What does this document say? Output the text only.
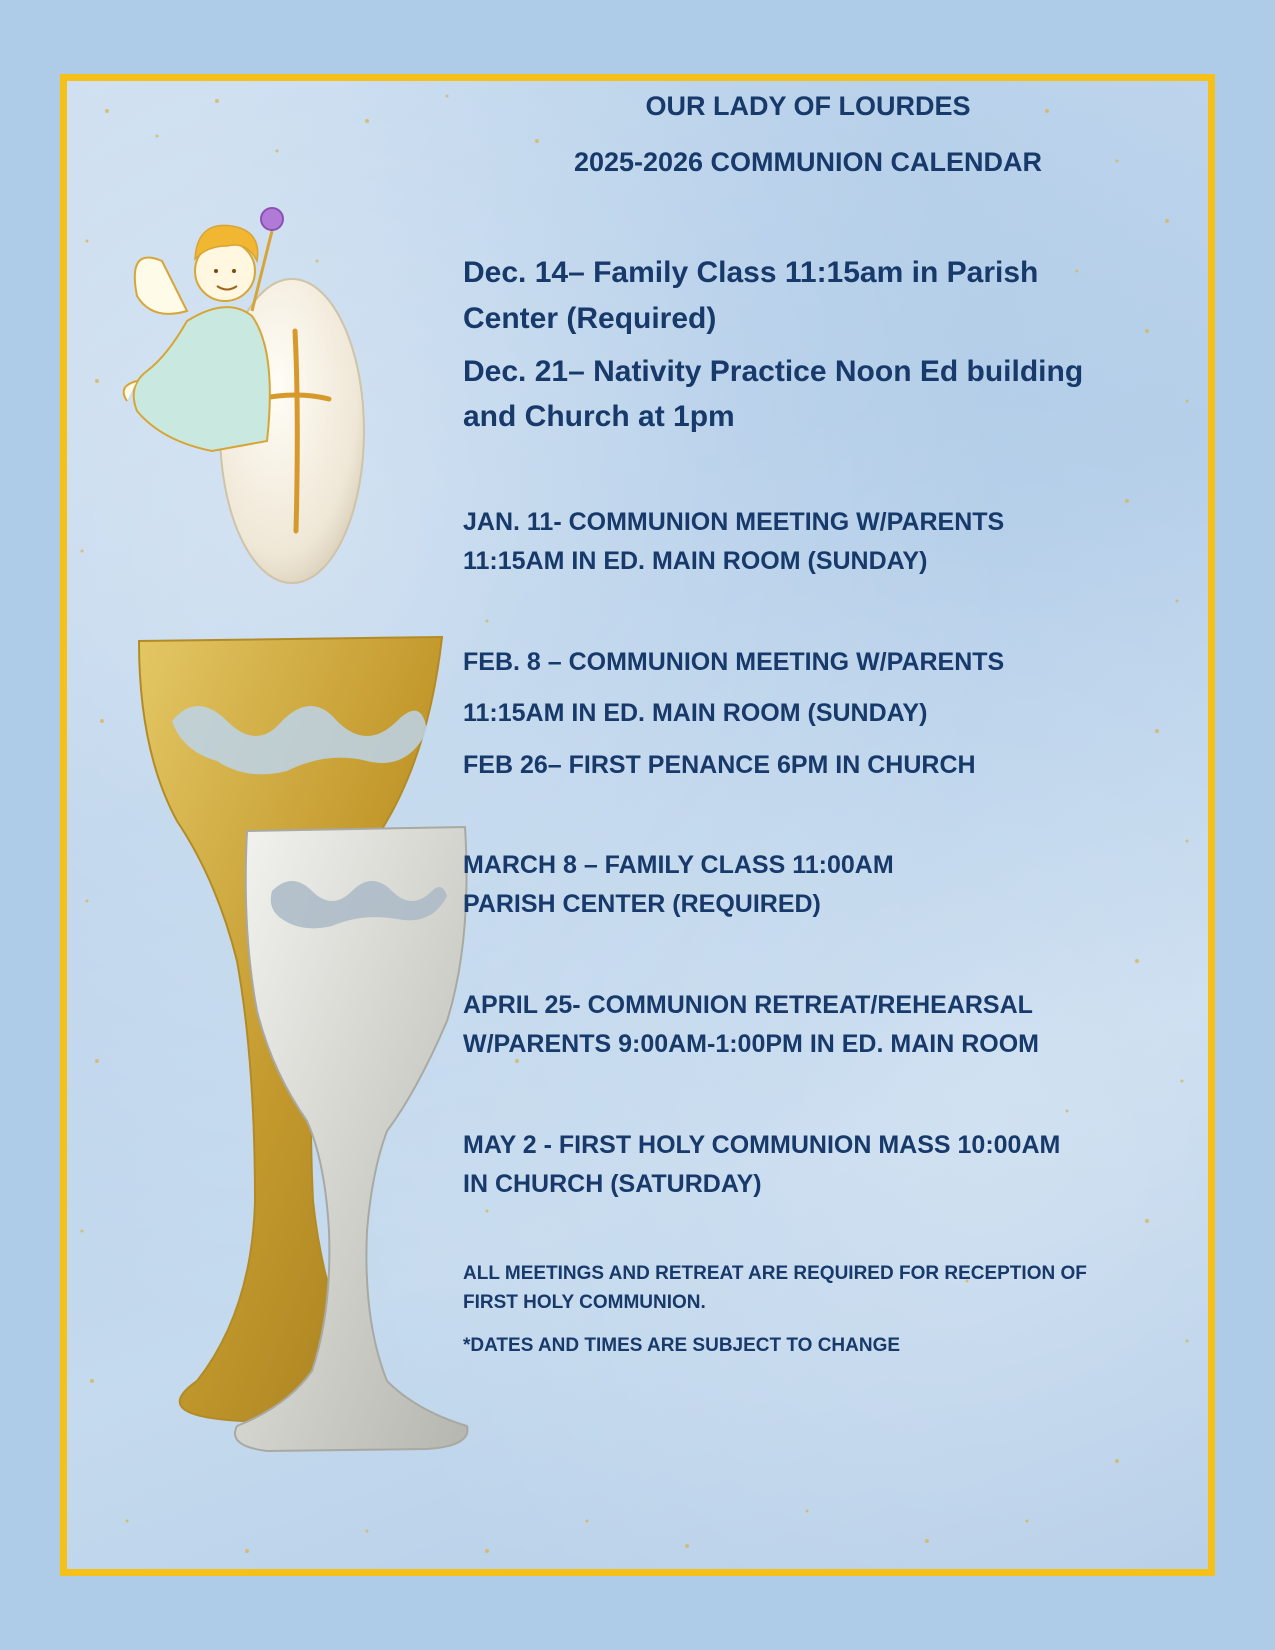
OUR LADY OF LOURDES
2025-2026 COMMUNION CALENDAR
Dec. 14– Family Class 11:15am in Parish
Center (Required)
Dec. 21– Nativity Practice Noon Ed building
and Church at 1pm
JAN. 11- COMMUNION MEETING W/PARENTS
11:15AM IN ED. MAIN ROOM (SUNDAY)
FEB. 8 – COMMUNION MEETING W/PARENTS
11:15AM IN ED. MAIN ROOM (SUNDAY)
FEB 26– FIRST PENANCE 6PM IN CHURCH
MARCH 8 – FAMILY CLASS 11:00AM
PARISH CENTER (REQUIRED)
APRIL 25- COMMUNION RETREAT/REHEARSAL
W/PARENTS 9:00AM-1:00PM IN ED. MAIN ROOM
MAY 2 - FIRST HOLY COMMUNION MASS 10:00AM
IN CHURCH (SATURDAY)
ALL MEETINGS AND RETREAT ARE REQUIRED FOR RECEPTION OF
FIRST HOLY COMMUNION.
*DATES AND TIMES ARE SUBJECT TO CHANGE
